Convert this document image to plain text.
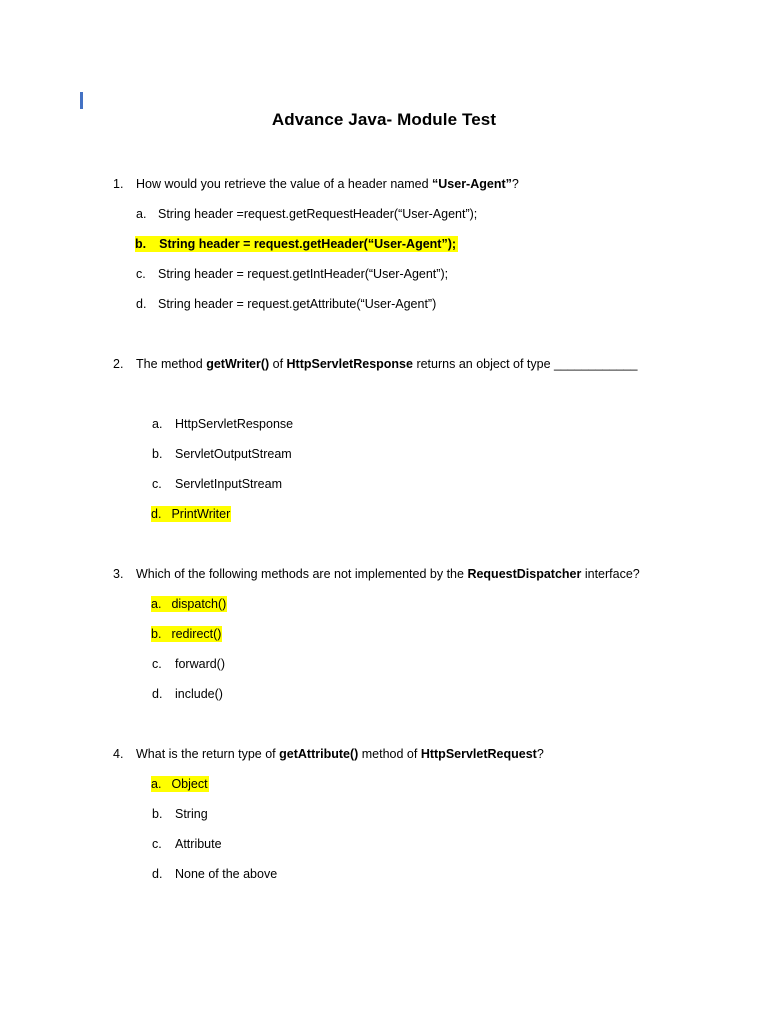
Advance Java- Module Test
1.	How would you retrieve the value of a header named “User-Agent”?
a. String header =request.getRequestHeader(“User-Agent”);
b. String header = request.getHeader(“User-Agent”);
c. String header = request.getIntHeader(“User-Agent”);
d. String header = request.getAttribute(“User-Agent”)
2.	The method getWriter() of HttpServletResponse returns an object of type ____________
a.	HttpServletResponse
b.	ServletOutputStream
c.	ServletInputStream
d. PrintWriter
3.	Which of the following methods are not implemented by the RequestDispatcher interface?
a. dispatch()
b. redirect()
c.	forward()
d.	include()
4.	What is the return type of getAttribute() method of HttpServletRequest?
a. Object
b.	String
c.	Attribute
d.	None of the above
